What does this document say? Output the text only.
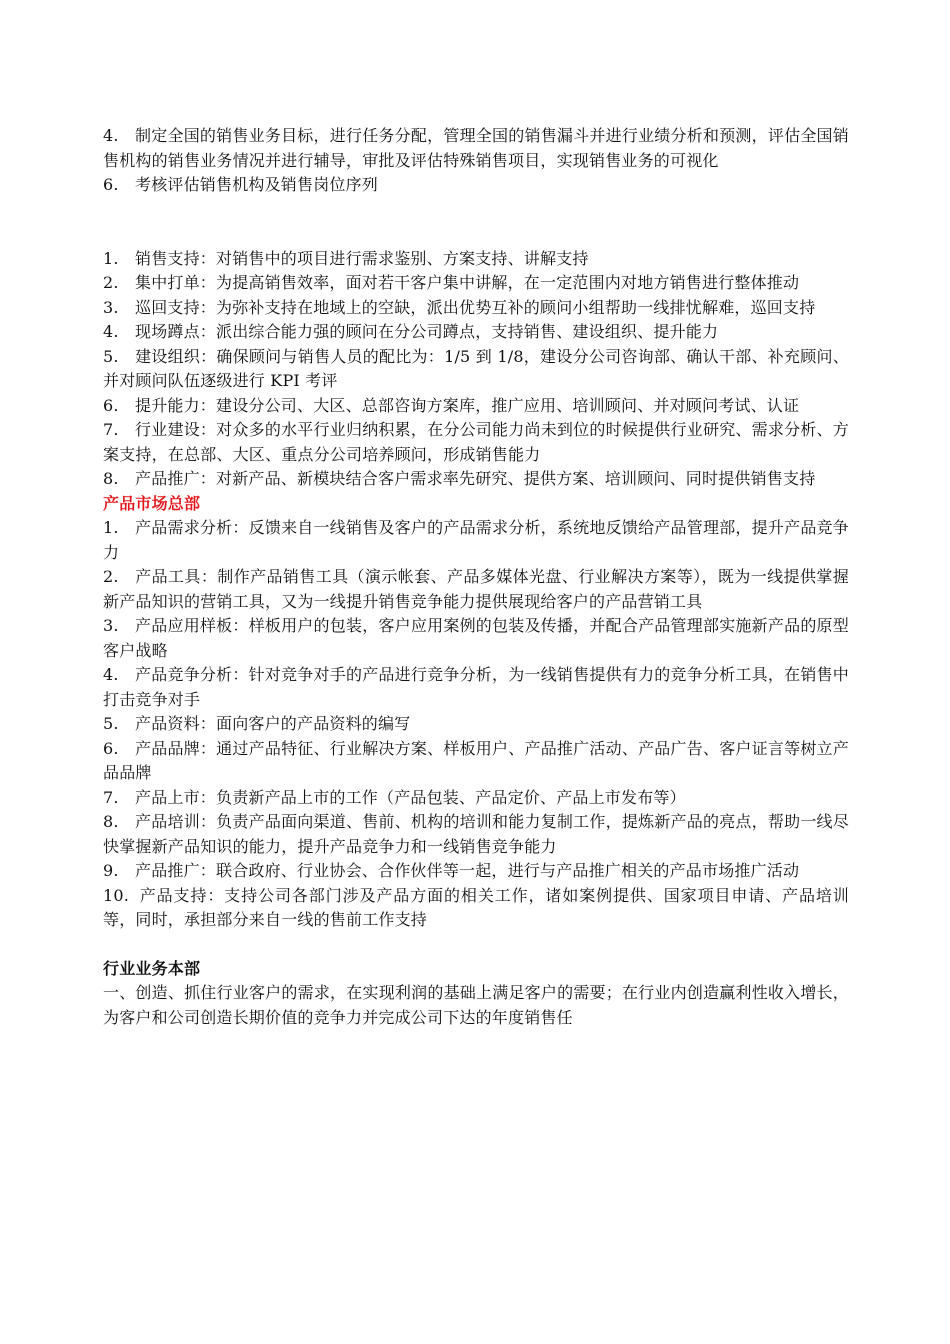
4. 制定全国的销售业务目标，进行任务分配，管理全国的销售漏斗并进行业绩分析和预测，评估全国销售机构的销售业务情况并进行辅导，审批及评估特殊销售项目，实现销售业务的可视化

6. 考核评估销售机构及销售岗位序列

1. 销售支持：对销售中的项目进行需求鉴别、方案支持、讲解支持

2. 集中打单：为提高销售效率，面对若干客户集中讲解，在一定范围内对地方销售进行整体推动

3. 巡回支持：为弥补支持在地域上的空缺，派出优势互补的顾问小组帮助一线排忧解难，巡回支持

4. 现场蹲点：派出综合能力强的顾问在分公司蹲点，支持销售、建设组织、提升能力

5. 建设组织：确保顾问与销售人员的配比为：1/5 到 1/8，建设分公司咨询部、确认干部、补充顾问、并对顾问队伍逐级进行 KPI 考评

6. 提升能力：建设分公司、大区、总部咨询方案库，推广应用、培训顾问、并对顾问考试、认证

7. 行业建设：对众多的水平行业归纳积累，在分公司能力尚未到位的时候提供行业研究、需求分析、方案支持，在总部、大区、重点分公司培养顾问，形成销售能力

8. 产品推广：对新产品、新模块结合客户需求率先研究、提供方案、培训顾问、同时提供销售支持

产品市场总部

1. 产品需求分析：反馈来自一线销售及客户的产品需求分析，系统地反馈给产品管理部，提升产品竞争力

2. 产品工具：制作产品销售工具（演示帐套、产品多媒体光盘、行业解决方案等），既为一线提供掌握新产品知识的营销工具，又为一线提升销售竞争能力提供展现给客户的产品营销工具

3. 产品应用样板：样板用户的包装，客户应用案例的包装及传播，并配合产品管理部实施新产品的原型客户战略

4. 产品竞争分析：针对竞争对手的产品进行竞争分析，为一线销售提供有力的竞争分析工具，在销售中打击竞争对手

5. 产品资料：面向客户的产品资料的编写

6. 产品品牌：通过产品特征、行业解决方案、样板用户、产品推广活动、产品广告、客户证言等树立产品品牌

7. 产品上市：负责新产品上市的工作（产品包装、产品定价、产品上市发布等）

8. 产品培训：负责产品面向渠道、售前、机构的培训和能力复制工作，提炼新产品的亮点，帮助一线尽快掌握新产品知识的能力，提升产品竞争力和一线销售竞争能力

9. 产品推广：联合政府、行业协会、合作伙伴等一起，进行与产品推广相关的产品市场推广活动

10. 产品支持：支持公司各部门涉及产品方面的相关工作，诸如案例提供、国家项目申请、产品培训等，同时，承担部分来自一线的售前工作支持

行业业务本部

一、创造、抓住行业客户的需求，在实现利润的基础上满足客户的需要；在行业内创造赢利性收入增长，为客户和公司创造长期价值的竞争力并完成公司下达的年度销售任
